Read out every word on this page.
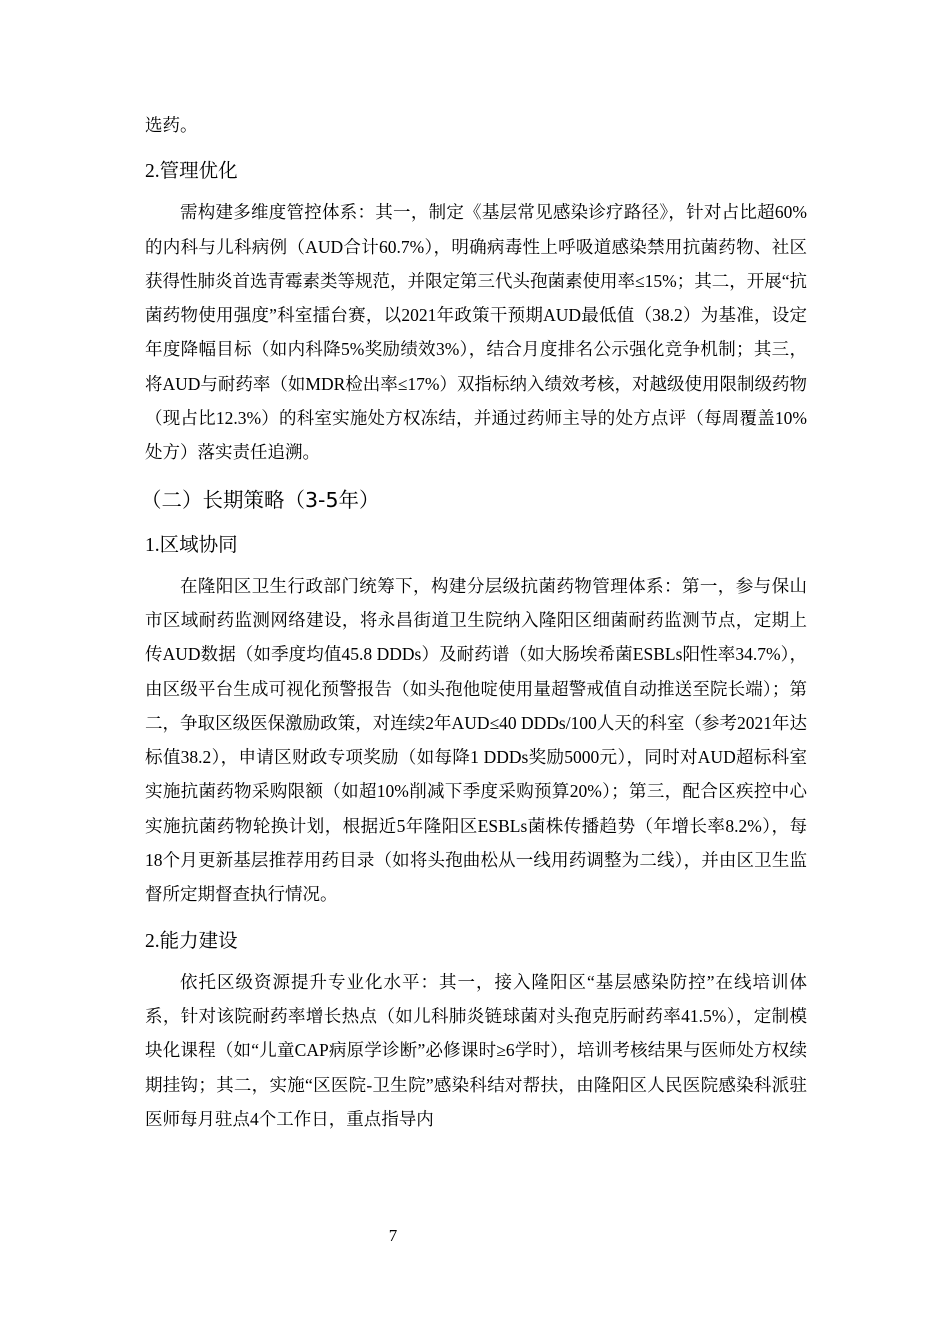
选药。

2.管理优化

需构建多维度管控体系：其一，制定《基层常见感染诊疗路径》，针对占比超60%的内科与儿科病例（AUD合计60.7%），明确病毒性上呼吸道感染禁用抗菌药物、社区获得性肺炎首选青霉素类等规范，并限定第三代头孢菌素使用率≤15%；其二，开展“抗菌药物使用强度”科室擂台赛，以2021年政策干预期AUD最低值（38.2）为基准，设定年度降幅目标（如内科降5%奖励绩效3%），结合月度排名公示强化竞争机制；其三，将AUD与耐药率（如MDR检出率≤17%）双指标纳入绩效考核，对越级使用限制级药物（现占比12.3%）的科室实施处方权冻结，并通过药师主导的处方点评（每周覆盖10%处方）落实责任追溯。

（二）长期策略（3-5年）
1.区域协同

在隆阳区卫生行政部门统筹下，构建分层级抗菌药物管理体系：第一，参与保山市区域耐药监测网络建设，将永昌街道卫生院纳入隆阳区细菌耐药监测节点，定期上传AUD数据（如季度均值45.8 DDDs）及耐药谱（如大肠埃希菌ESBLs阳性率34.7%），由区级平台生成可视化预警报告（如头孢他啶使用量超警戒值自动推送至院长端）；第二，争取区级医保激励政策，对连续2年AUD≤40 DDDs/100人天的科室（参考2021年达标值38.2），申请区财政专项奖励（如每降1 DDDs奖励5000元），同时对AUD超标科室实施抗菌药物采购限额（如超10%削减下季度采购预算20%）；第三，配合区疾控中心实施抗菌药物轮换计划，根据近5年隆阳区ESBLs菌株传播趋势（年增长率8.2%），每18个月更新基层推荐用药目录（如将头孢曲松从一线用药调整为二线），并由区卫生监督所定期督查执行情况。

2.能力建设

依托区级资源提升专业化水平：其一，接入隆阳区“基层感染防控”在线培训体系，针对该院耐药率增长热点（如儿科肺炎链球菌对头孢克肟耐药率41.5%），定制模块化课程（如“儿童CAP病原学诊断”必修课时≥6学时），培训考核结果与医师处方权续期挂钩；其二，实施“区医院-卫生院”感染科结对帮扶，由隆阳区人民医院感染科派驻医师每月驻点4个工作日，重点指导内

7
